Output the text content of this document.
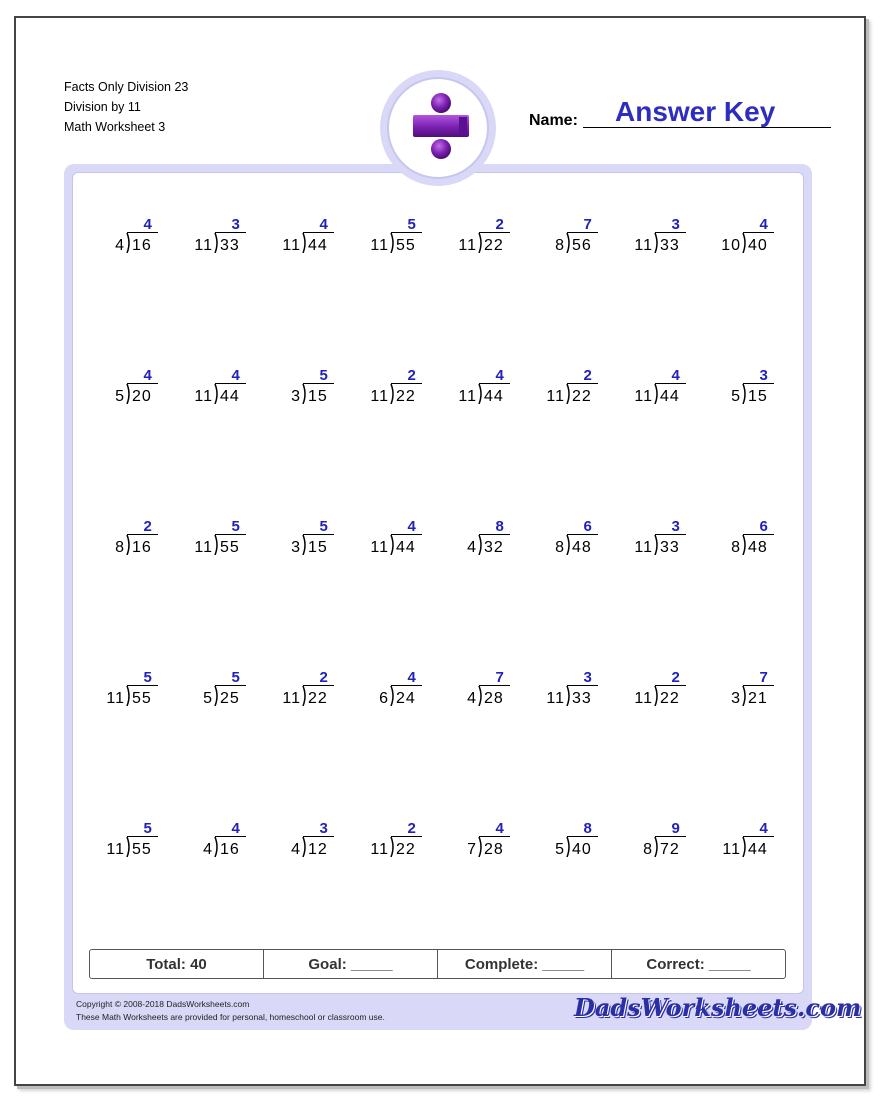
Facts Only Division 23
Division by 11
Math Worksheet 3	Name: Answer Key
4
4 16
3
11 33
4
11 44
5
11 55
2
11 22
7
8 56
3
11 33
4
10 40
4
5 20
4
11 44
5
3 15
2
11 22
4
11 44
2
11 22
4
11 44
3
5 15
2
8 16
5
11 55
5
3 15
4
11 44
8
4 32
6
8 48
3
11 33
6
8 48
5
11 55
5
5 25
2
11 22
4
6 24
7
4 28
3
11 33
2
11 22
7
3 21
5
11 55
4
4 16
3
4 12
2
11 22
4
7 28
8
5 40
9
8 72
4
11 44
Total: 40	Goal: _____	Complete: _____	Correct: _____
Copyright © 2008-2018 DadsWorksheets.com
These Math Worksheets are provided for personal, homeschool or classroom use.	DadsWorksheets.com
